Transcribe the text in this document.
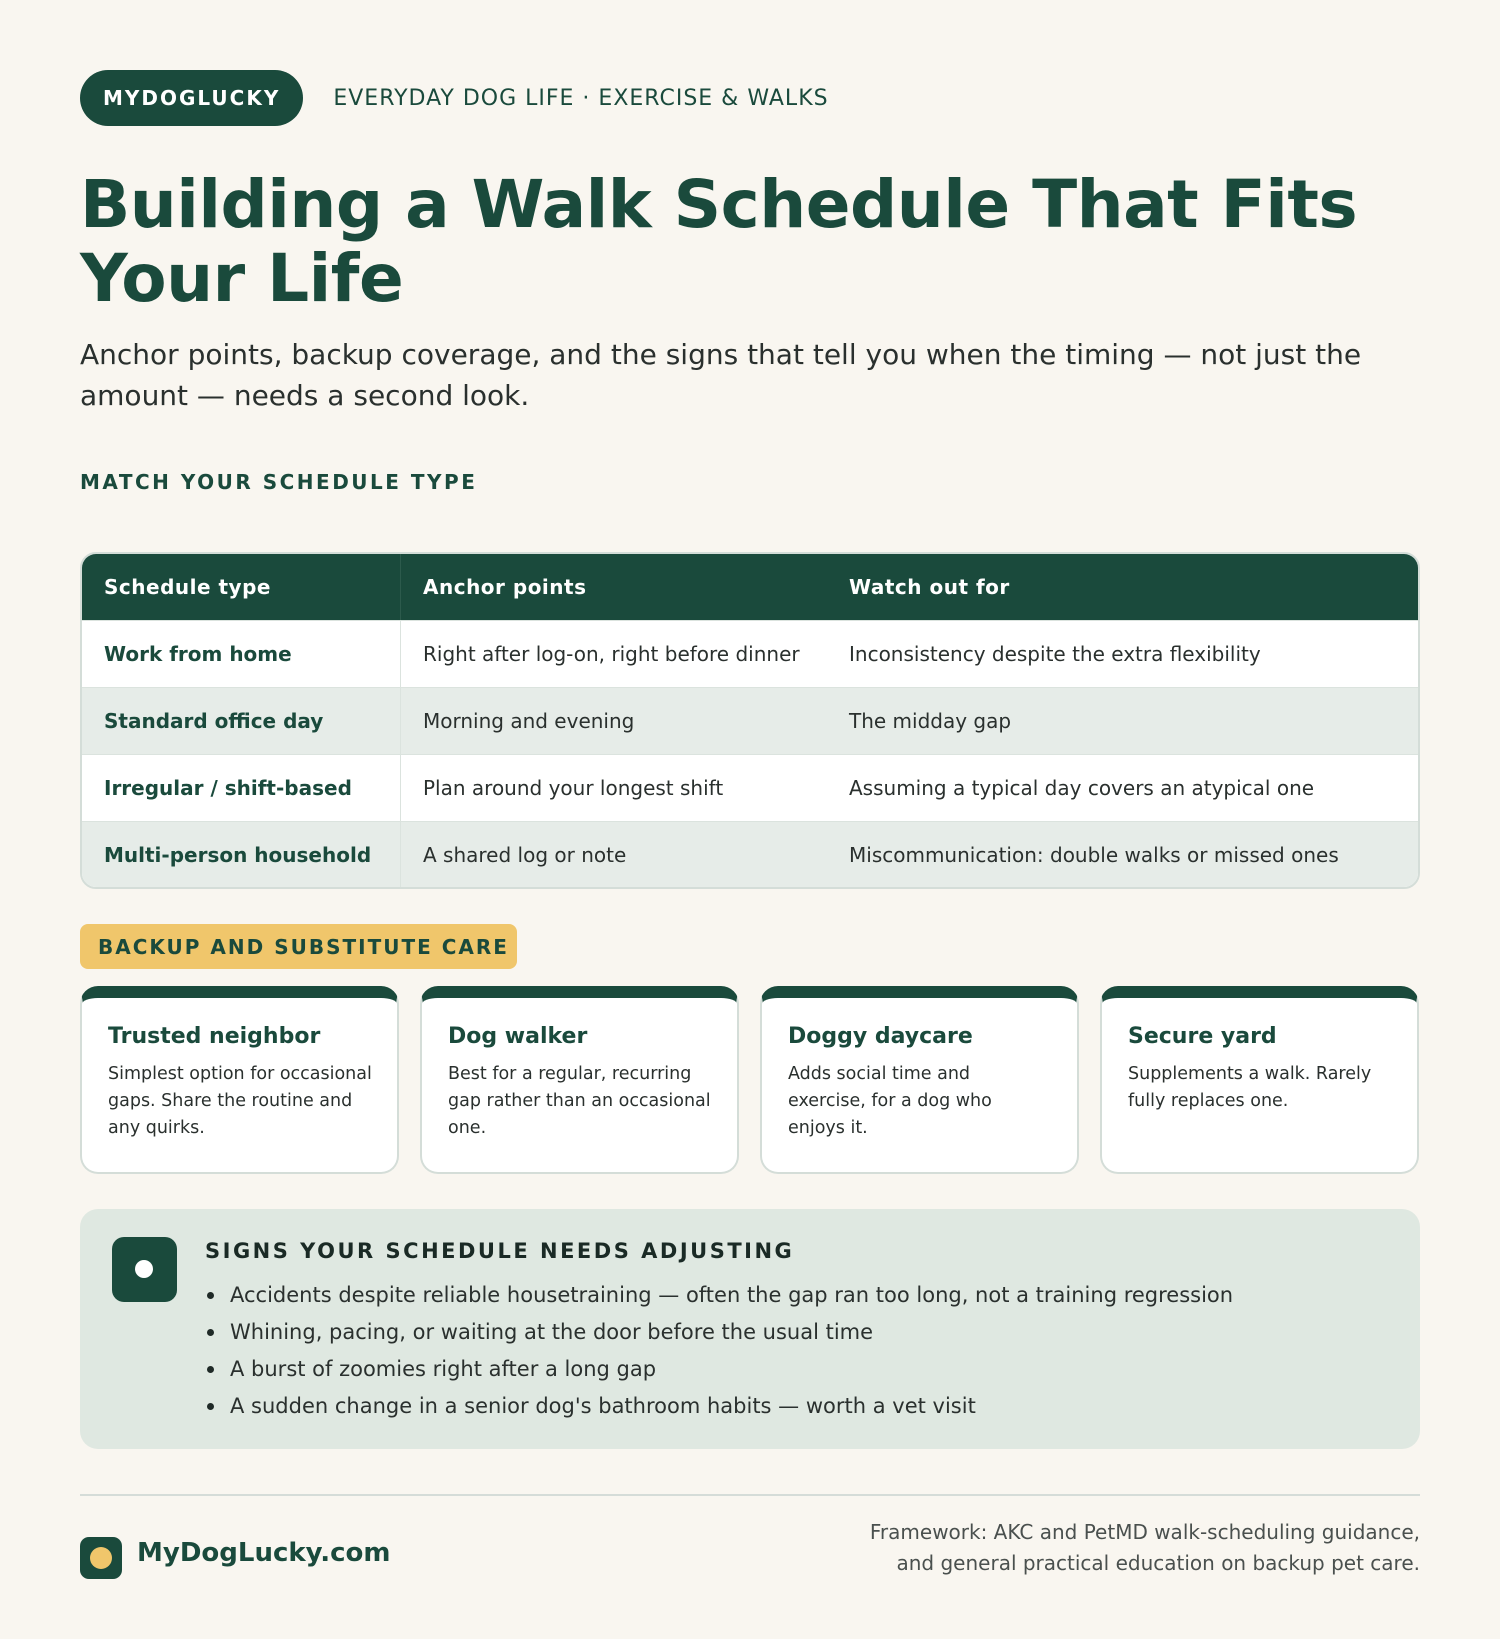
MYDOGLUCKY	EVERYDAY DOG LIFE · EXERCISE & WALKS
Building a Walk Schedule That Fits Your Life

Anchor points, backup coverage, and the signs that tell you when the timing — not just the amount — needs a second look.

MATCH YOUR SCHEDULE TYPE
Schedule type	Anchor points	Watch out for
Work from home	Right after log-on, right before dinner	Inconsistency despite the extra flexibility
Standard office day	Morning and evening	The midday gap
Irregular / shift-based	Plan around your longest shift	Assuming a typical day covers an atypical one
Multi-person household	A shared log or note	Miscommunication: double walks or missed ones
BACKUP AND SUBSTITUTE CARE
Trusted neighbor

Simplest option for occasional gaps. Share the routine and any quirks.

Dog walker

Best for a regular, recurring gap rather than an occasional one.

Doggy daycare

Adds social time and exercise, for a dog who enjoys it.

Secure yard

Supplements a walk. Rarely fully replaces one.

SIGNS YOUR SCHEDULE NEEDS ADJUSTING
Accidents despite reliable housetraining — often the gap ran too long, not a training regression
Whining, pacing, or waiting at the door before the usual time
A burst of zoomies right after a long gap
A sudden change in a senior dog's bathroom habits — worth a vet visit
MyDogLucky.com
Framework: AKC and PetMD walk-scheduling guidance,
and general practical education on backup pet care.
